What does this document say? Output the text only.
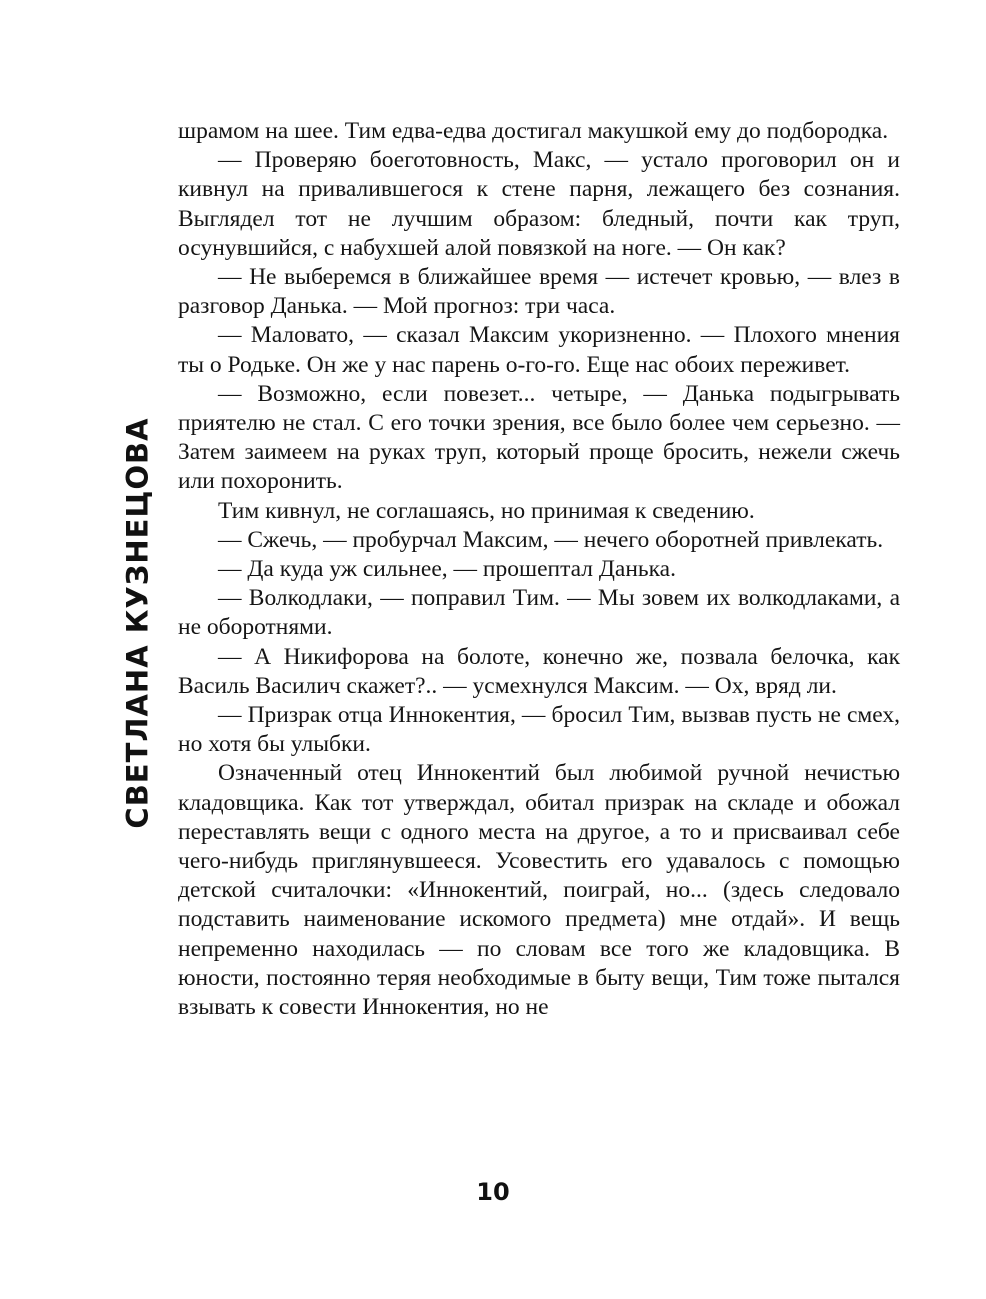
СВЕТЛАНА КУЗНЕЦОВА

шрамом на шее. Тим едва-едва достигал макушкой ему до подбородка.

— Проверяю боеготовность, Макс, — устало проговорил он и кивнул на привалившегося к стене парня, лежащего без сознания. Выглядел тот не лучшим образом: бледный, почти как труп, осунувшийся, с набухшей алой повязкой на ноге. — Он как?

— Не выберемся в ближайшее время — истечет кровью, — влез в разговор Данька. — Мой прогноз: три часа.

— Маловато, — сказал Максим укоризненно. — Плохого мнения ты о Родьке. Он же у нас парень о-го-го. Еще нас обоих переживет.

— Возможно, если повезет... четыре, — Данька подыгрывать приятелю не стал. С его точки зрения, все было более чем серьезно. — Затем заимеем на руках труп, который проще бросить, нежели сжечь или похоронить.

Тим кивнул, не соглашаясь, но принимая к сведению.

— Сжечь, — пробурчал Максим, — нечего оборотней привлекать.

— Да куда уж сильнее, — прошептал Данька.

— Волкодлаки, — поправил Тим. — Мы зовем их волкодлаками, а не оборотнями.

— А Никифорова на болоте, конечно же, позвала белочка, как Василь Василич скажет?.. — усмехнулся Максим. — Ох, вряд ли.

— Призрак отца Иннокентия, — бросил Тим, вызвав пусть не смех, но хотя бы улыбки.

Означенный отец Иннокентий был любимой ручной нечистью кладовщика. Как тот утверждал, обитал призрак на складе и обожал переставлять вещи с одного места на другое, а то и присваивал себе чего-нибудь приглянувшееся. Усовестить его удавалось с помощью детской считалочки: «Иннокентий, поиграй, но... (здесь следовало подставить наименование искомого предмета) мне отдай». И вещь непременно находилась — по словам все того же кладовщика. В юности, постоянно теряя необходимые в быту вещи, Тим тоже пытался взывать к совести Иннокентия, но не

10
